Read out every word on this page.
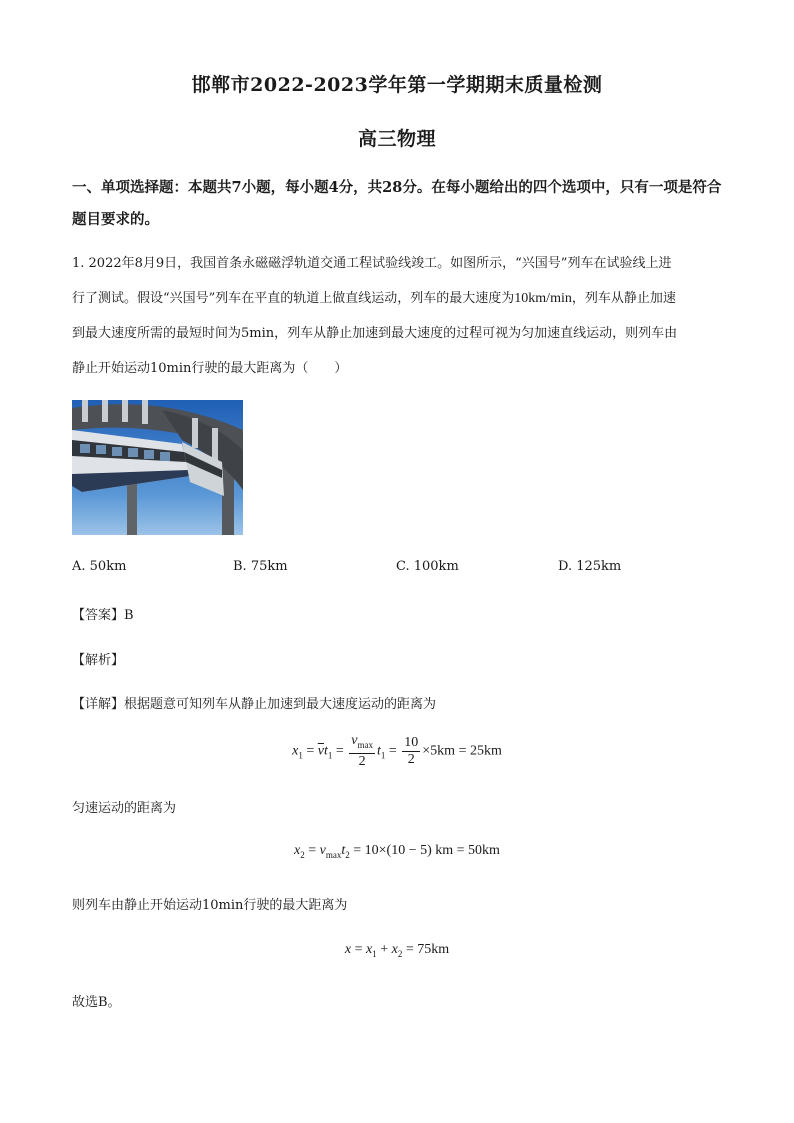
邯郸市2022-2023学年第一学期期末质量检测
高三物理
一、单项选择题：本题共7小题，每小题4分，共28分。在每小题给出的四个选项中，只有一项是符合题目要求的。
1. 2022年8月9日，我国首条永磁磁浮轨道交通工程试验线竣工。如图所示，“兴国号”列车在试验线上进
行了测试。假设“兴国号”列车在平直的轨道上做直线运动，列车的最大速度为10km/min，列车从静止加速
到最大速度所需的最短时间为5min，列车从静止加速到最大速度的过程可视为匀加速直线运动，则列车由
静止开始运动10min行驶的最大距离为（　　）
A. 50km	B. 75km	C. 100km	D. 125km
【答案】B
【解析】
【详解】根据题意可知列车从静止加速到最大速度运动的距离为
$x_1 = \overline{v}t_1 = \frac{v_{max}}{2} t_1 = \frac{10}{2} \times 5km = 25km$
匀速运动的距离为
$x_2 = v_{max}t_2 = 10\times(10 - 5)$ km = 50km
则列车由静止开始运动10min行驶的最大距离为
$x = x_1 + x_2 = 75km$
故选B。
